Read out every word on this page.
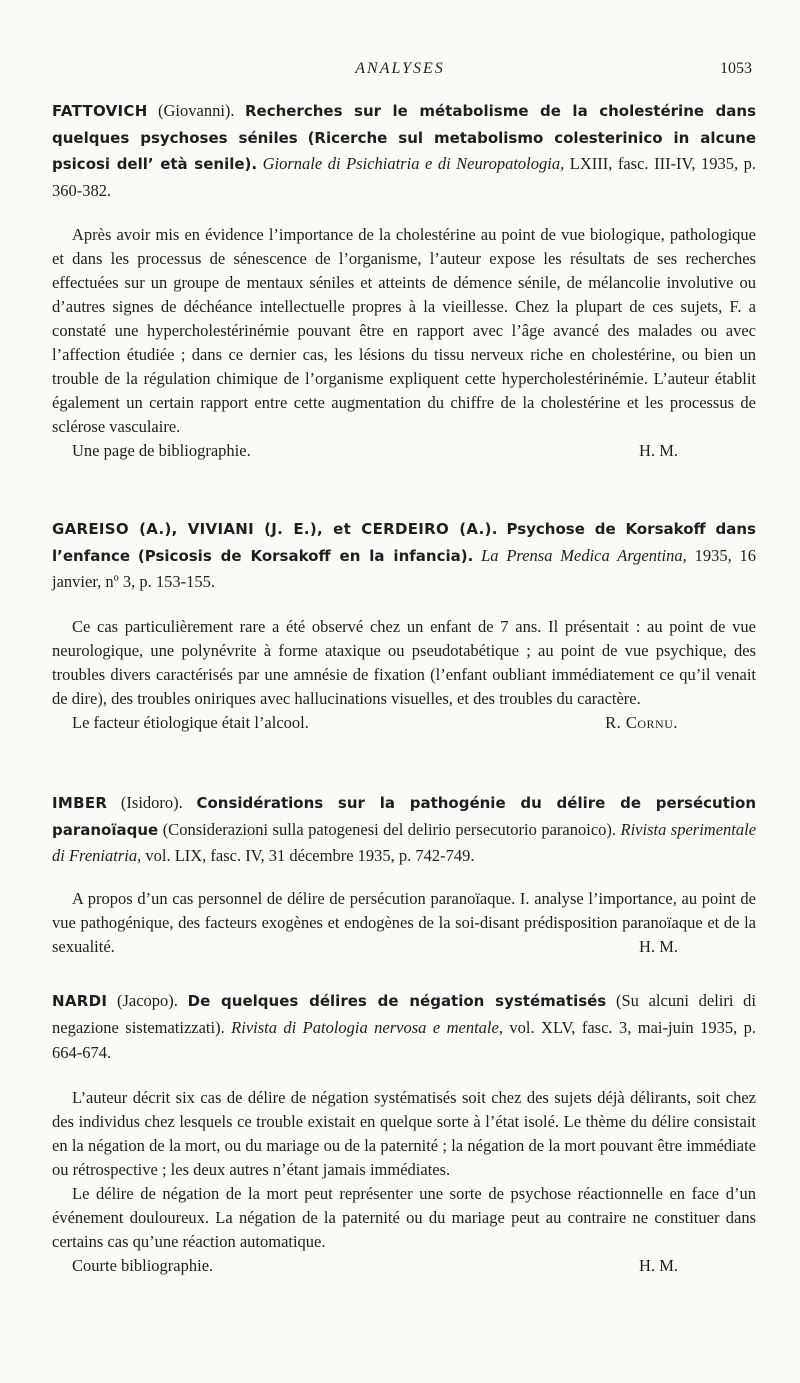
ANALYSES	1053
FATTOVICH (Giovanni). Recherches sur le métabolisme de la cholestérine dans quelques psychoses séniles (Ricerche sul metabolismo colesterinico in alcune psicosi dell’ età senile). Giornale di Psichiatria e di Neuropatologia, LXIII, fasc. III-IV, 1935, p. 360-382.

Après avoir mis en évidence l’importance de la cholestérine au point de vue biologique, pathologique et dans les processus de sénescence de l’organisme, l’auteur expose les résultats de ses recherches effectuées sur un groupe de mentaux séniles et atteints de démence sénile, de mélancolie involutive ou d’autres signes de déchéance intellectuelle propres à la vieillesse. Chez la plupart de ces sujets, F. a constaté une hypercholestérinémie pouvant être en rapport avec l’âge avancé des malades ou avec l’affection étudiée ; dans ce dernier cas, les lésions du tissu nerveux riche en cholestérine, ou bien un trouble de la régulation chimique de l’organisme expliquent cette hypercholestérinémie. L’auteur établit également un certain rapport entre cette augmentation du chiffre de la cholestérine et les processus de sclérose vasculaire.

Une page de bibliographie.	H. M.
GAREISO (A.), VIVIANI (J. E.), et CERDEIRO (A.). Psychose de Korsakoff dans l’enfance (Psicosis de Korsakoff en la infancia). La Prensa Medica Argentina, 1935, 16 janvier, nº 3, p. 153-155.

Ce cas particulièrement rare a été observé chez un enfant de 7 ans. Il présentait : au point de vue neurologique, une polynévrite à forme ataxique ou pseudotabétique ; au point de vue psychique, des troubles divers caractérisés par une amnésie de fixation (l’enfant oubliant immédiatement ce qu’il venait de dire), des troubles oniriques avec hallucinations visuelles, et des troubles du caractère.

Le facteur étiologique était l’alcool.	R. Cornu.
IMBER (Isidoro). Considérations sur la pathogénie du délire de persécution paranoïaque (Considerazioni sulla patogenesi del delirio persecutorio paranoico). Rivista sperimentale di Freniatria, vol. LIX, fasc. IV, 31 décembre 1935, p. 742-749.

A propos d’un cas personnel de délire de persécution paranoïaque. I. analyse l’importance, au point de vue pathogénique, des facteurs exogènes et endogènes de la soi-disant prédisposition paranoïaque et de la sexualité.	H. M.
NARDI (Jacopo). De quelques délires de négation systématisés (Su alcuni deliri di negazione sistematizzati). Rivista di Patologia nervosa e mentale, vol. XLV, fasc. 3, mai-juin 1935, p. 664-674.

L’auteur décrit six cas de délire de négation systématisés soit chez des sujets déjà délirants, soit chez des individus chez lesquels ce trouble existait en quelque sorte à l’état isolé. Le thème du délire consistait en la négation de la mort, ou du mariage ou de la paternité ; la négation de la mort pouvant être immédiate ou rétrospective ; les deux autres n’étant jamais immédiates.

Le délire de négation de la mort peut représenter une sorte de psychose réactionnelle en face d’un événement douloureux. La négation de la paternité ou du mariage peut au contraire ne constituer dans certains cas qu’une réaction automatique.

Courte bibliographie.	H. M.
